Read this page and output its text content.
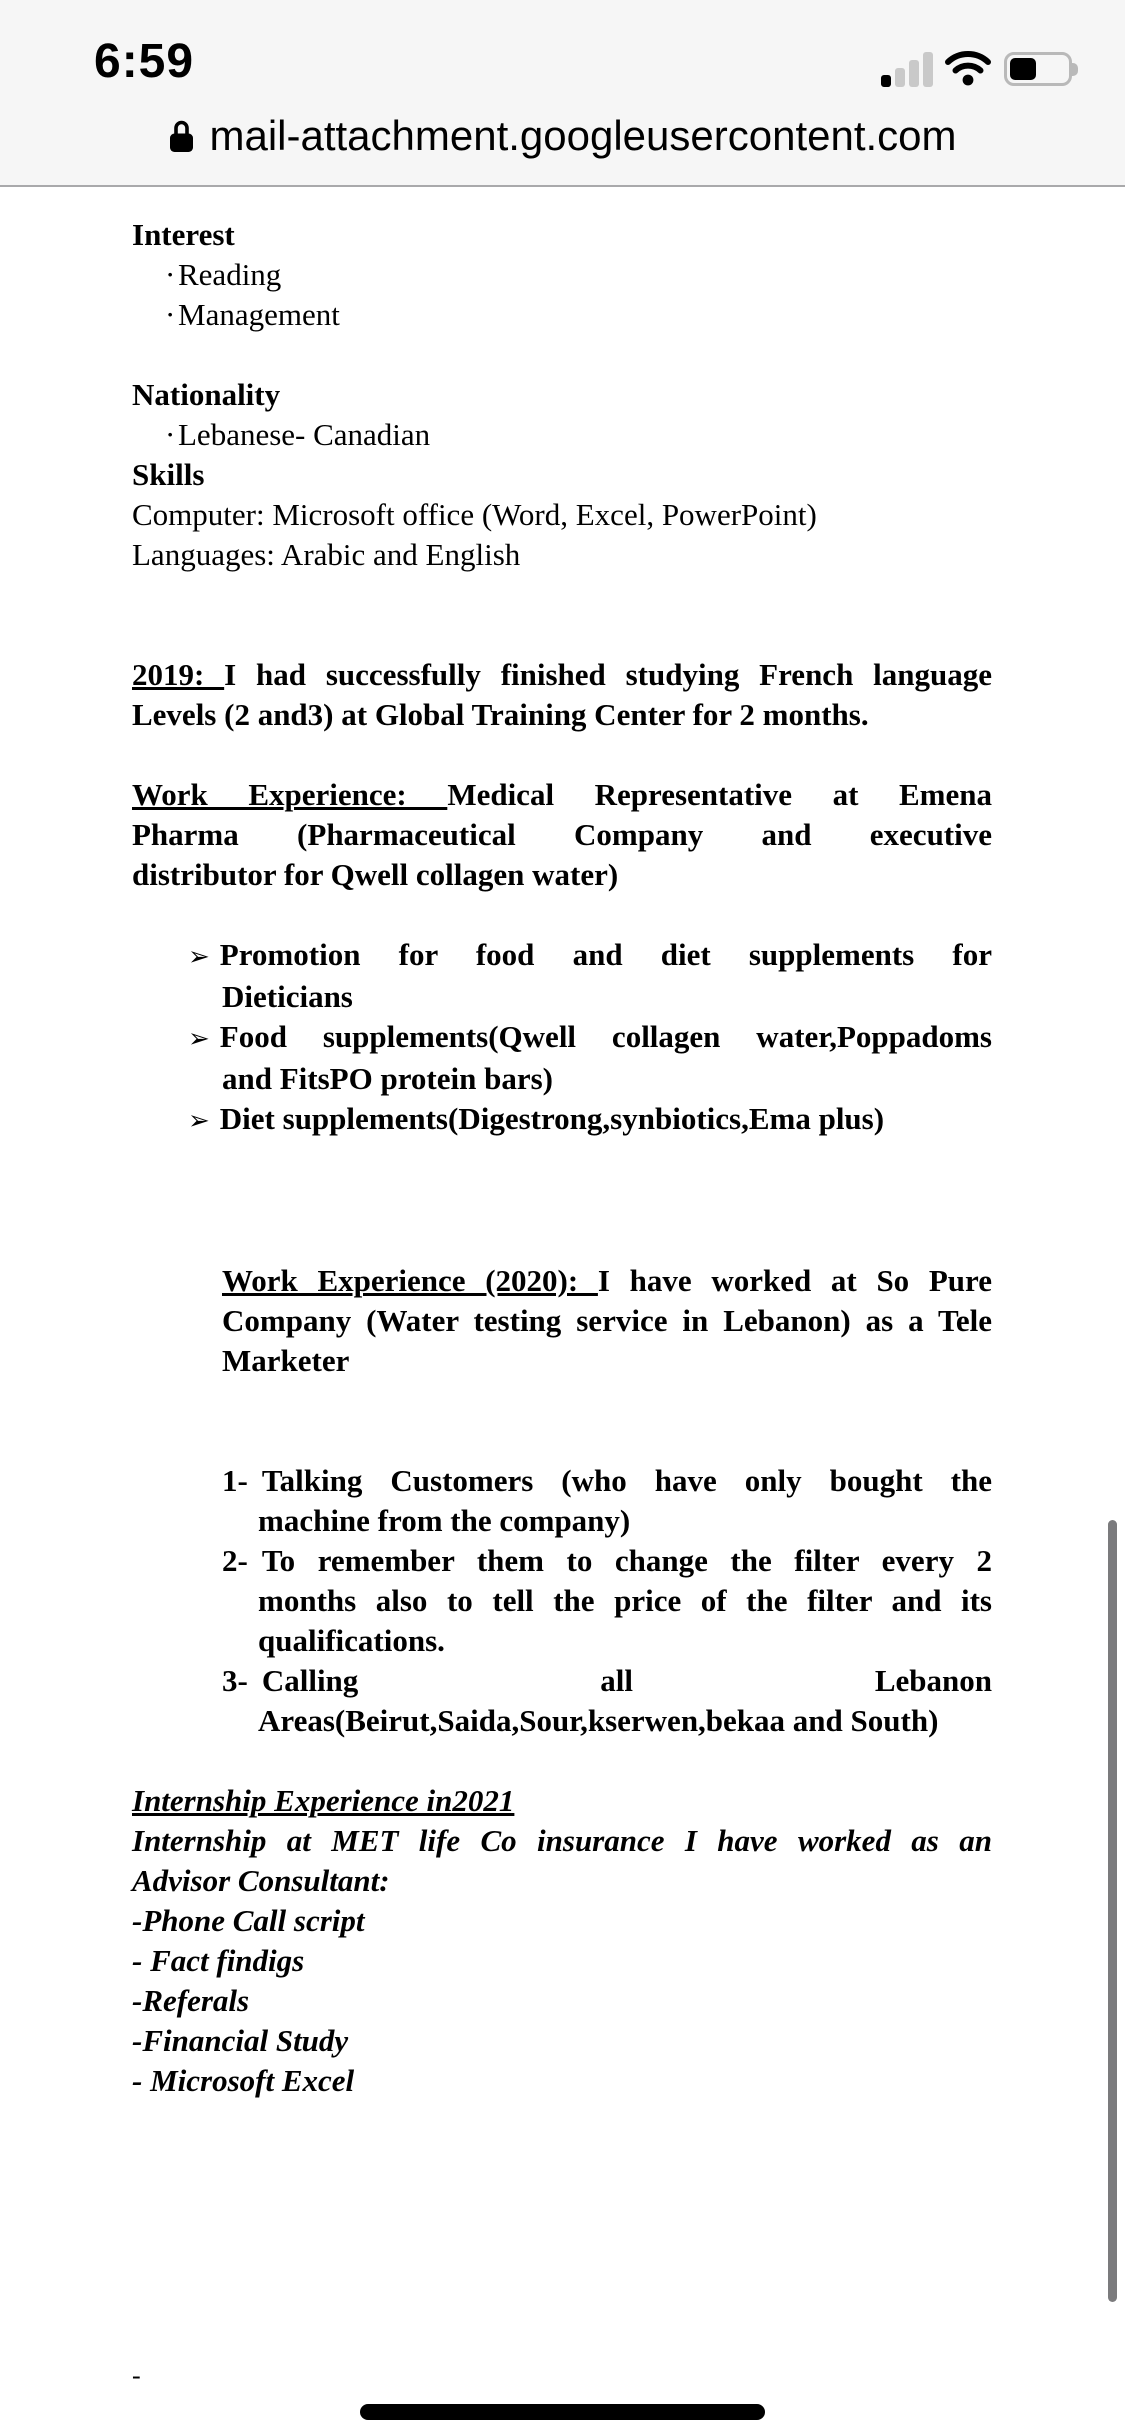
6:59
mail-attachment.googleusercontent.com
Interest
·Reading
·Management
Nationality
·Lebanese- Canadian
Skills
Computer: Microsoft office (Word, Excel, PowerPoint)
Languages: Arabic and English
2019: I had successfully finished studying French language
Levels (2 and3) at Global Training Center for 2 months.
Work Experience: Medical Representative at Emena
Pharma (Pharmaceutical Company and executive
distributor for Qwell collagen water)
➢ Promotion for food and diet supplements for
Dieticians
➢ Food supplements(Qwell collagen water,Poppadoms
and FitsPO protein bars)
➢ Diet supplements(Digestrong,synbiotics,Ema plus)
Work Experience (2020): I have worked at So Pure
Company (Water testing service in Lebanon) as a Tele
Marketer
1- Talking Customers (who have only bought the
machine from the company)
2- To remember them to change the filter every 2
months also to tell the price of the filter and its
qualifications.
3- Calling all Lebanon
Areas(Beirut,Saida,Sour,kserwen,bekaa and South)
Internship Experience in2021
Internship at MET life Co insurance I have worked as an
Advisor Consultant:
-Phone Call script
- Fact findigs
-Referals
-Financial Study
- Microsoft Excel
-
